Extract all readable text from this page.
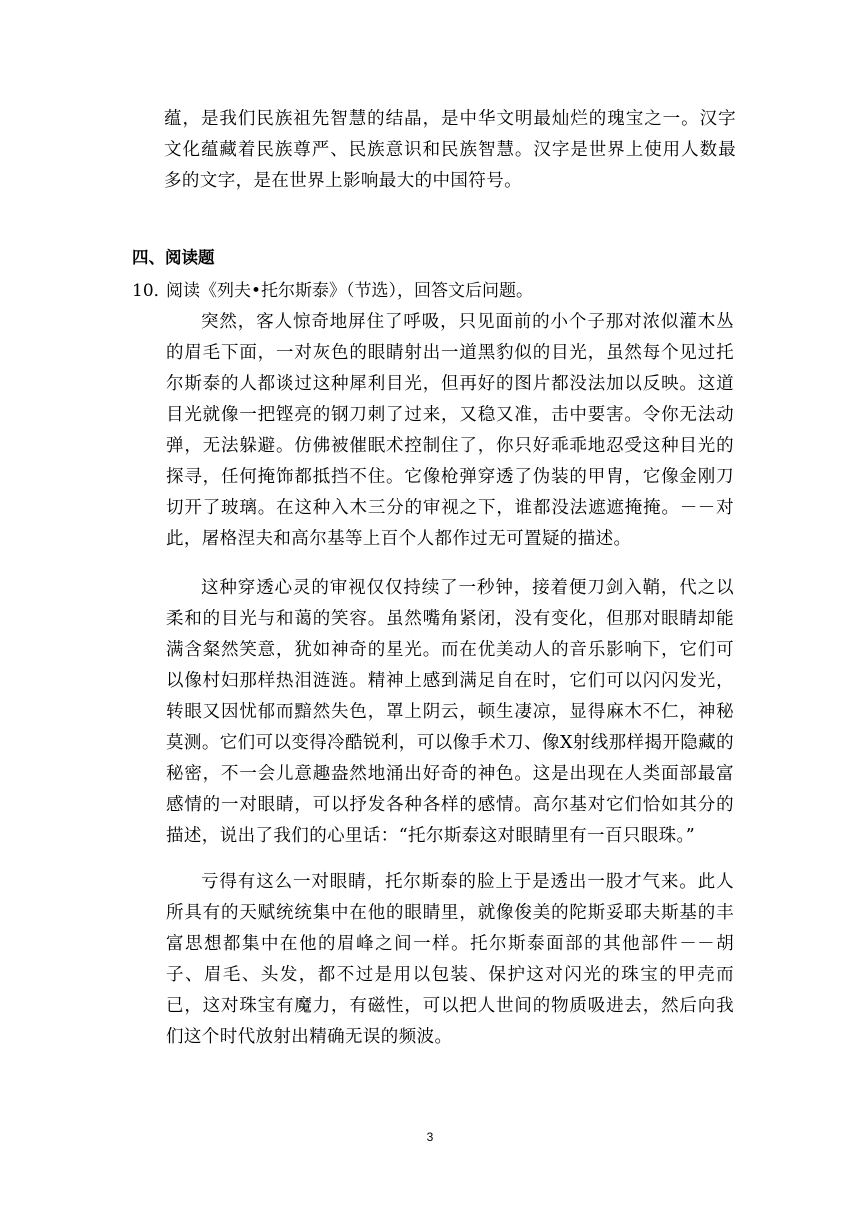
蕴，是我们民族祖先智慧的结晶，是中华文明最灿烂的瑰宝之一。汉字文化蕴藏着民族尊严、民族意识和民族智慧。汉字是世界上使用人数最多的文字，是在世界上影响最大的中国符号。

四、阅读题

10．阅读《列夫•托尔斯泰》（节选），回答文后问题。

突然，客人惊奇地屏住了呼吸，只见面前的小个子那对浓似灌木丛的眉毛下面，一对灰色的眼睛射出一道黑豹似的目光，虽然每个见过托尔斯泰的人都谈过这种犀利目光，但再好的图片都没法加以反映。这道目光就像一把铿亮的钢刀刺了过来，又稳又准，击中要害。令你无法动弹，无法躲避。仿佛被催眠术控制住了，你只好乖乖地忍受这种目光的探寻，任何掩饰都抵挡不住。它像枪弹穿透了伪装的甲胄，它像金刚刀切开了玻璃。在这种入木三分的审视之下，谁都没法遮遮掩掩。－－对此，屠格涅夫和高尔基等上百个人都作过无可置疑的描述。

这种穿透心灵的审视仅仅持续了一秒钟，接着便刀剑入鞘，代之以柔和的目光与和蔼的笑容。虽然嘴角紧闭，没有变化，但那对眼睛却能满含粲然笑意，犹如神奇的星光。而在优美动人的音乐影响下，它们可以像村妇那样热泪涟涟。精神上感到满足自在时，它们可以闪闪发光，转眼又因忧郁而黯然失色，罩上阴云，顿生凄凉，显得麻木不仁，神秘莫测。它们可以变得冷酷锐利，可以像手术刀、像X射线那样揭开隐藏的秘密，不一会儿意趣盎然地涌出好奇的神色。这是出现在人类面部最富感情的一对眼睛，可以抒发各种各样的感情。高尔基对它们恰如其分的描述，说出了我们的心里话：“托尔斯泰这对眼睛里有一百只眼珠。”

亏得有这么一对眼睛，托尔斯泰的脸上于是透出一股才气来。此人所具有的天赋统统集中在他的眼睛里，就像俊美的陀斯妥耶夫斯基的丰富思想都集中在他的眉峰之间一样。托尔斯泰面部的其他部件－－胡子、眉毛、头发，都不过是用以包装、保护这对闪光的珠宝的甲壳而已，这对珠宝有魔力，有磁性，可以把人世间的物质吸进去，然后向我们这个时代放射出精确无误的频波。

3
